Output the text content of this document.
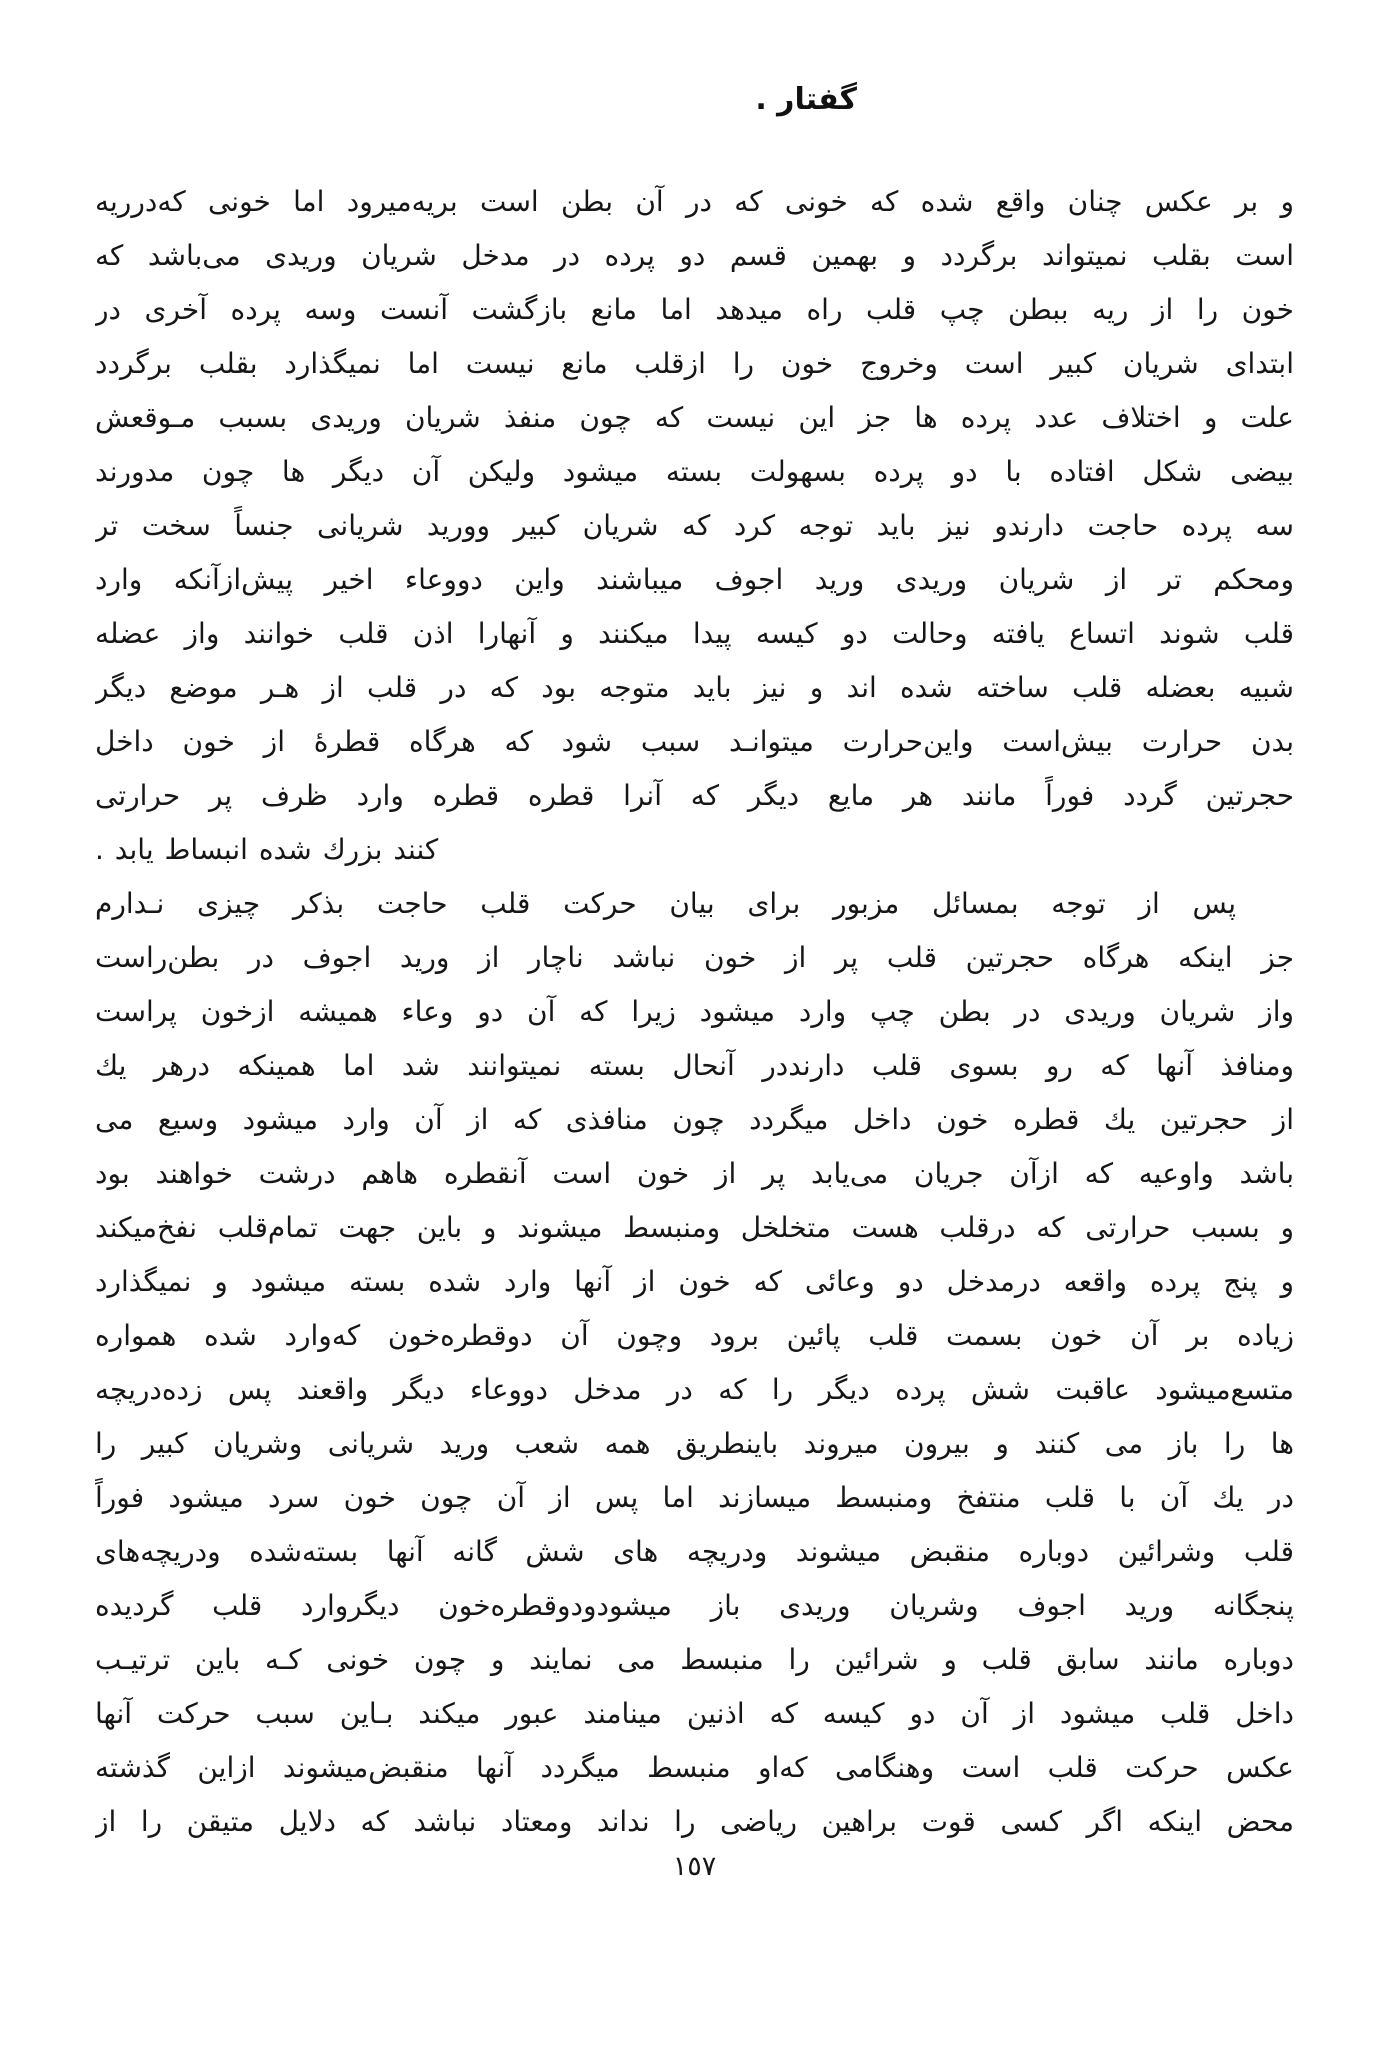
گفتار .
و بر عکس چنان واقع شده که خونی که در آن بطن است بریه‌میرود اما خونی که‌درریه
است بقلب نمیتواند برگردد و بهمین قسم دو پرده در مدخل شریان وریدی می‌باشد که
خون را از ریه ببطن چپ قلب راه میدهد اما مانع بازگشت آنست وسه پرده آخری در
ابتدای شریان کبیر است وخروج خون را ازقلب مانع نیست اما نمیگذارد بقلب برگردد
علت و اختلاف عدد پرده ها جز این نیست که چون منفذ شریان وریدی بسبب مـوقعش
بیضی شکل افتاده با دو پرده بسهولت بسته میشود ولیکن آن دیگر ها چون مدورند
سه پرده حاجت دارندو نیز باید توجه کرد که شریان کبیر وورید شریانی جنساً سخت تر
ومحکم تر از شریان وریدی ورید اجوف میباشند واین دووعاء اخیر پیش‌ازآنکه وارد
قلب شوند اتساع یافته وحالت دو کیسه پیدا میکنند و آنهارا اذن قلب خوانند واز عضله
شبیه بعضله قلب ساخته شده اند و نیز باید متوجه بود که در قلب از هـر موضع دیگر
بدن حرارت بیش‌است واین‌حرارت میتوانـد سبب شود که هرگاه قطرهٔ از خون داخل
حجرتین گردد فوراً مانند هر مایع دیگر که آنرا قطره قطره وارد ظرف پر حرارتی
کنند بزرك شده انبساط یابد .
پس از توجه بمسائل مزبور برای بیان حرکت قلب حاجت بذکر چیزی نـدارم
جز اینکه هرگاه حجرتین قلب پر از خون نباشد ناچار از ورید اجوف در بطن‌راست
واز شریان وریدی در بطن چپ وارد میشود زیرا که آن دو وعاء همیشه ازخون پراست
ومنافذ آنها که رو بسوی قلب دارنددر آنحال بسته نمیتوانند شد اما همینکه درهر یك
از حجرتین یك قطره خون داخل میگردد چون منافذی که از آن وارد میشود وسیع می
باشد واوعیه که ازآن جریان می‌یابد پر از خون است آنقطره هاهم درشت خواهند بود
و بسبب حرارتی که درقلب هست متخلخل ومنبسط میشوند و باین جهت تمام‌قلب نفخ‌میکند
و پنج پرده واقعه درمدخل دو وعائی که خون از آنها وارد شده بسته میشود و نمیگذارد
زیاده بر آن خون بسمت قلب پائین برود وچون آن دوقطره‌خون که‌وارد شده همواره
متسع‌میشود عاقبت شش پرده دیگر را که در مدخل دووعاء دیگر واقعند پس زده‌دریچه
ها را باز می کنند و بیرون میروند باینطریق همه شعب ورید شریانی وشریان کبیر را
در یك آن با قلب منتفخ ومنبسط میسازند اما پس از آن چون خون سرد میشود فوراً
قلب وشرائین دوباره منقبض میشوند ودریچه های شش گانه آنها بسته‌شده ودریچه‌های
پنجگانه ورید اجوف وشریان وریدی باز میشودودوقطره‌خون دیگروارد قلب گردیده
دوباره مانند سابق قلب و شرائین را منبسط می نمایند و چون خونی کـه باین ترتیـب
داخل قلب میشود از آن دو کیسه که اذنین مینامند عبور میکند بـاین سبب حرکت آنها
عکس حرکت قلب است وهنگامی که‌او منبسط میگردد آنها منقبض‌میشوند ازاین گذشته
محض اینکه اگر کسی قوت براهین ریاضی را نداند ومعتاد نباشد که دلایل متیقن را از
١٥٧
